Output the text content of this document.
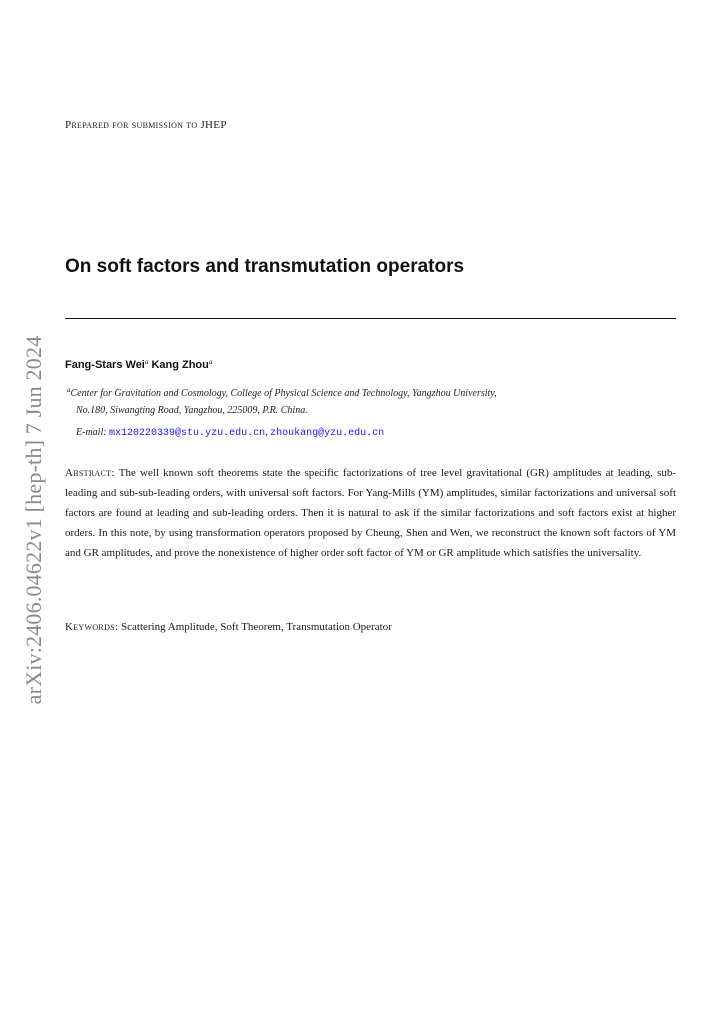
arXiv:2406.04622v1 [hep-th] 7 Jun 2024
Prepared for submission to JHEP
On soft factors and transmutation operators
Fang-Stars Wei$^a$ Kang Zhou$^a$
$^a$Center for Gravitation and Cosmology, College of Physical Science and Technology, Yangzhou University,
No.180, Siwangting Road, Yangzhou, 225009, P.R. China.
E-mail: mx120220339@stu.yzu.edu.cn, zhoukang@yzu.edu.cn

Abstract: The well known soft theorems state the specific factorizations of tree level gravitational (GR) amplitudes at leading, sub-leading and sub-sub-leading orders, with universal soft factors. For Yang-Mills (YM) amplitudes, similar factorizations and universal soft factors are found at leading and sub-leading orders. Then it is natural to ask if the similar factorizations and soft factors exist at higher orders. In this note, by using transformation operators proposed by Cheung, Shen and Wen, we reconstruct the known soft factors of YM and GR amplitudes, and prove the nonexistence of higher order soft factor of YM or GR amplitude which satisfies the universality.

Keywords: Scattering Amplitude, Soft Theorem, Transmutation Operator
